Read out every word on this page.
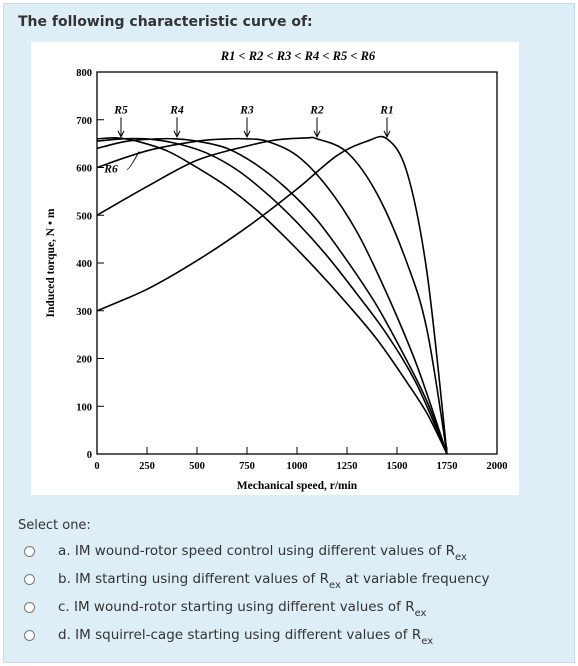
The following characteristic curve of:
0	250	500	750	1000	1250	1500	1750	2000
0
100
200
300
400
500
600
700
800
Mechanical speed, r/min
Induced torque, N • m
R1 < R2 < R3 < R4 < R5 < R6
R1
R2
R3
R4
R5
R6
Select one:
a. IM wound-rotor speed control using different values of $R_{ex}$
b. IM starting using different values of $R_{ex}$ at variable frequency
c. IM wound-rotor starting using different values of $R_{ex}$
d. IM squirrel-cage starting using different values of $R_{ex}$
